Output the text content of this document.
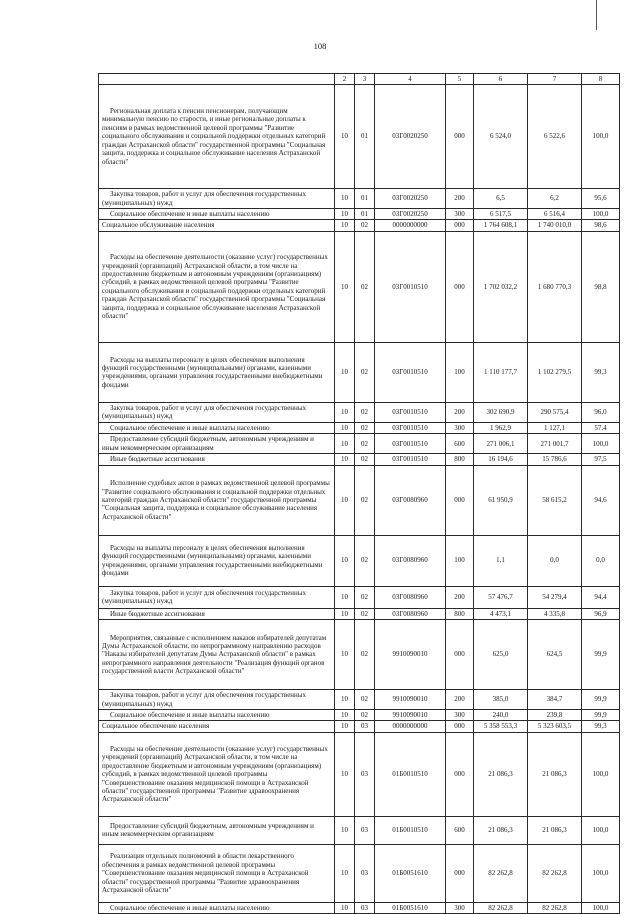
108
	2	3	4	5	6	7	8
Региональная доплата к пенсии пенсионерам, получающим минимальную пенсию по старости, и иные региональные доплаты к пенсиям в рамках ведомственной целевой программы "Развитие социального обслуживания и социальной поддержки отдельных категорий граждан Астраханской области" государственной программы "Социальная защита, поддержка и социальное обслуживание населения Астраханской области"	10	01	03Г0020250	000	6 524,0	6 522,6	100,0
Закупка товаров, работ и услуг для обеспечения государственных (муниципальных) нужд	10	01	03Г0020250	200	6,5	6,2	95,6
Социальное обеспечение и иные выплаты населению	10	01	03Г0020250	300	6 517,5	6 516,4	100,0
Социальное обслуживание населения	10	02	0000000000	000	1 764 608,1	1 740 010,0	98,6
Расходы на обеспечение деятельности (оказание услуг) государственных учреждений (организаций) Астраханской области, в том числе на предоставление бюджетным и автономным учреждениям (организациям) субсидий, в рамках ведомственной целевой программы "Развитие социального обслуживания и социальной поддержки отдельных категорий граждан Астраханской области" государственной программы "Социальная защита, поддержка и социальное обслуживание населения Астраханской области"	10	02	03Г0010510	000	1 702 032,2	1 680 770,3	98,8
Расходы на выплаты персоналу в целях обеспечения выполнения функций государственными (муниципальными) органами, казенными учреждениями, органами управления государственными внебюджетными фондами	10	02	03Г0010510	100	1 110 177,7	1 102 279,5	99,3
Закупка товаров, работ и услуг для обеспечения государственных (муниципальных) нужд	10	02	03Г0010510	200	302 690,9	290 575,4	96,0
Социальное обеспечение и иные выплаты населению	10	02	03Г0010510	300	1 962,9	1 127,1	57,4
Предоставление субсидий бюджетным, автономным учреждениям и иным некоммерческим организациям	10	02	03Г0010510	600	271 006,1	271 001,7	100,0
Иные бюджетные ассигнования	10	02	03Г0010510	800	16 194,6	15 786,6	97,5
Исполнение судебных актов в рамках ведомственной целевой программы "Развитие социального обслуживания и социальной поддержки отдельных категорий граждан Астраханской области" государственной программы "Социальная защита, поддержка и социальное обслуживание населения Астраханской области"	10	02	03Г0080960	000	61 950,9	58 615,2	94,6
Расходы на выплаты персоналу в целях обеспечения выполнения функций государственными (муниципальными) органами, казенными учреждениями, органами управления государственными внебюджетными фондами	10	02	03Г0080960	100	1,1	0,0	0,0
Закупка товаров, работ и услуг для обеспечения государственных (муниципальных) нужд	10	02	03Г0080960	200	57 476,7	54 279,4	94,4
Иные бюджетные ассигнования	10	02	03Г0080960	800	4 473,1	4 335,8	96,9
Мероприятия, связанные с исполнением наказов избирателей депутатам Думы Астраханской области, по непрограммному направлению расходов "Наказы избирателей депутатам Думы Астраханской области" в рамках непрограммного направления деятельности "Реализация функций органов государственной власти Астраханской области"	10	02	9910090010	000	625,0	624,5	99,9
Закупка товаров, работ и услуг для обеспечения государственных (муниципальных) нужд	10	02	9910090010	200	385,0	384,7	99,9
Социальное обеспечение и иные выплаты населению	10	02	9910090010	300	240,0	239,8	99,9
Социальное обеспечение населения	10	03	0000000000	000	5 358 553,3	5 323 603,5	99,3
Расходы на обеспечение деятельности (оказание услуг) государственных учреждений (организаций) Астраханской области, в том числе на предоставление бюджетным и автономным учреждениям (организациям) субсидий, в рамках ведомственной целевой программы "Совершенствование оказания медицинской помощи в Астраханской области" государственной программы "Развитие здравоохранения Астраханской области"	10	03	01Б0010510	000	21 086,3	21 086,3	100,0
Предоставление субсидий бюджетным, автономным учреждениям и иным некоммерческим организациям	10	03	01Б0010510	600	21 086,3	21 086,3	100,0
Реализация отдельных полномочий в области лекарственного обеспечения в рамках ведомственной целевой программы "Совершенствование оказания медицинской помощи в Астраханской области" государственной программы "Развитие здравоохранения Астраханской области"	10	03	01Б0051610	000	82 262,8	82 262,8	100,0
Социальное обеспечение и иные выплаты населению	10	03	01Б0051610	300	82 262,8	82 262,8	100,0
